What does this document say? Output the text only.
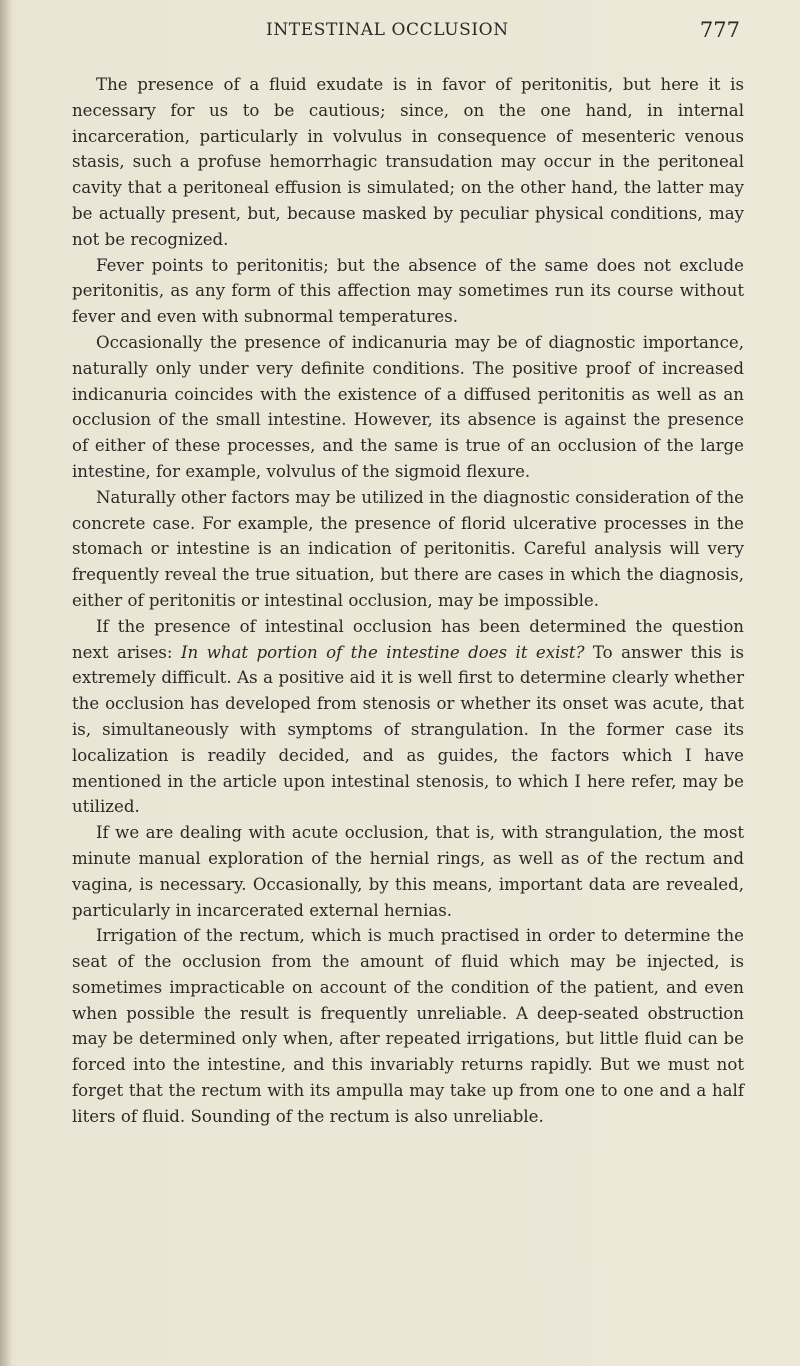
INTESTINAL OCCLUSION	777

The presence of a fluid exudate is in favor of peritonitis, but here it is necessary for us to be cautious; since, on the one hand, in internal incarceration, particularly in volvulus in consequence of mesenteric venous stasis, such a profuse hemorrhagic transudation may occur in the peritoneal cavity that a peritoneal effusion is simulated; on the other hand, the latter may be actually present, but, because masked by peculiar physical conditions, may not be recognized.

Fever points to peritonitis; but the absence of the same does not exclude peritonitis, as any form of this affection may sometimes run its course without fever and even with subnormal temperatures.

Occasionally the presence of indicanuria may be of diagnostic importance, naturally only under very definite conditions. The positive proof of increased indicanuria coincides with the existence of a diffused peritonitis as well as an occlusion of the small intestine. However, its absence is against the presence of either of these processes, and the same is true of an occlusion of the large intestine, for example, volvulus of the sigmoid flexure.

Naturally other factors may be utilized in the diagnostic consideration of the concrete case. For example, the presence of florid ulcerative processes in the stomach or intestine is an indication of peritonitis. Careful analysis will very frequently reveal the true situation, but there are cases in which the diagnosis, either of peritonitis or intestinal occlusion, may be impossible.

If the presence of intestinal occlusion has been determined the question next arises: In what portion of the intestine does it exist? To answer this is extremely difficult. As a positive aid it is well first to determine clearly whether the occlusion has developed from stenosis or whether its onset was acute, that is, simultaneously with symptoms of strangulation. In the former case its localization is readily decided, and as guides, the factors which I have mentioned in the article upon intestinal stenosis, to which I here refer, may be utilized.

If we are dealing with acute occlusion, that is, with strangulation, the most minute manual exploration of the hernial rings, as well as of the rectum and vagina, is necessary. Occasionally, by this means, important data are revealed, particularly in incarcerated external hernias.

Irrigation of the rectum, which is much practised in order to determine the seat of the occlusion from the amount of fluid which may be injected, is sometimes impracticable on account of the condition of the patient, and even when possible the result is frequently unreliable. A deep-seated obstruction may be determined only when, after repeated irrigations, but little fluid can be forced into the intestine, and this invariably returns rapidly. But we must not forget that the rectum with its ampulla may take up from one to one and a half liters of fluid. Sounding of the rectum is also unreliable.
